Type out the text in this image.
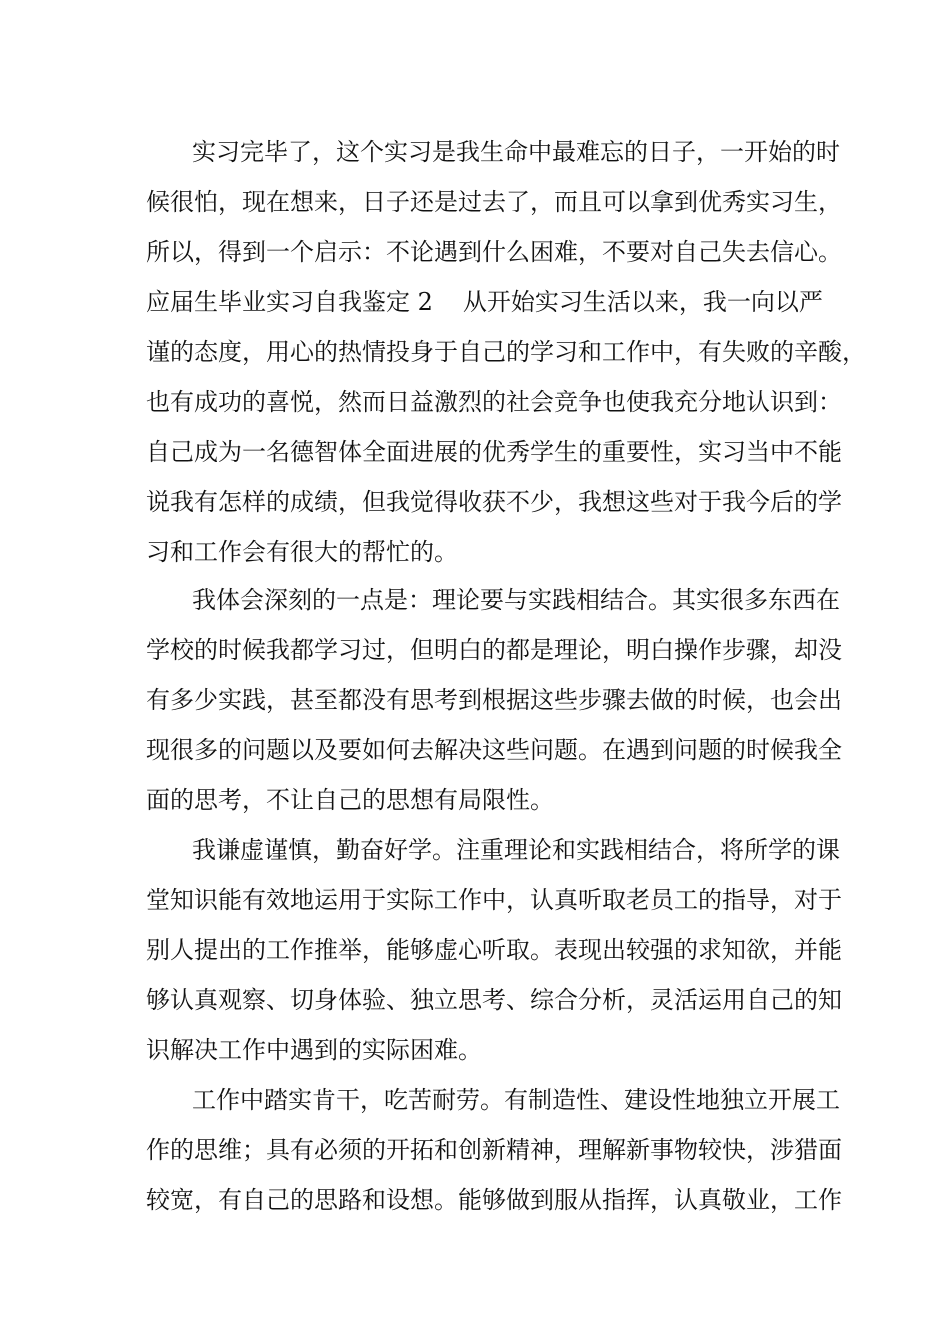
实习完毕了，这个实习是我生命中最难忘的日子，一开始的时
候很怕，现在想来，日子还是过去了，而且可以拿到优秀实习生，
所以，得到一个启示：不论遇到什么困难，不要对自己失去信心。
应届生毕业实习自我鉴定 2 从开始实习生活以来，我一向以严
谨的态度，用心的热情投身于自己的学习和工作中，有失败的辛酸，
也有成功的喜悦，然而日益激烈的社会竞争也使我充分地认识到：
自己成为一名德智体全面进展的优秀学生的重要性，实习当中不能
说我有怎样的成绩，但我觉得收获不少，我想这些对于我今后的学
习和工作会有很大的帮忙的。
我体会深刻的一点是：理论要与实践相结合。其实很多东西在
学校的时候我都学习过，但明白的都是理论，明白操作步骤，却没
有多少实践，甚至都没有思考到根据这些步骤去做的时候，也会出
现很多的问题以及要如何去解决这些问题。在遇到问题的时候我全
面的思考，不让自己的思想有局限性。
我谦虚谨慎，勤奋好学。注重理论和实践相结合，将所学的课
堂知识能有效地运用于实际工作中，认真听取老员工的指导，对于
别人提出的工作推举，能够虚心听取。表现出较强的求知欲，并能
够认真观察、切身体验、独立思考、综合分析，灵活运用自己的知
识解决工作中遇到的实际困难。
工作中踏实肯干，吃苦耐劳。有制造性、建设性地独立开展工
作的思维；具有必须的开拓和创新精神，理解新事物较快，涉猎面
较宽，有自己的思路和设想。能够做到服从指挥，认真敬业，工作
